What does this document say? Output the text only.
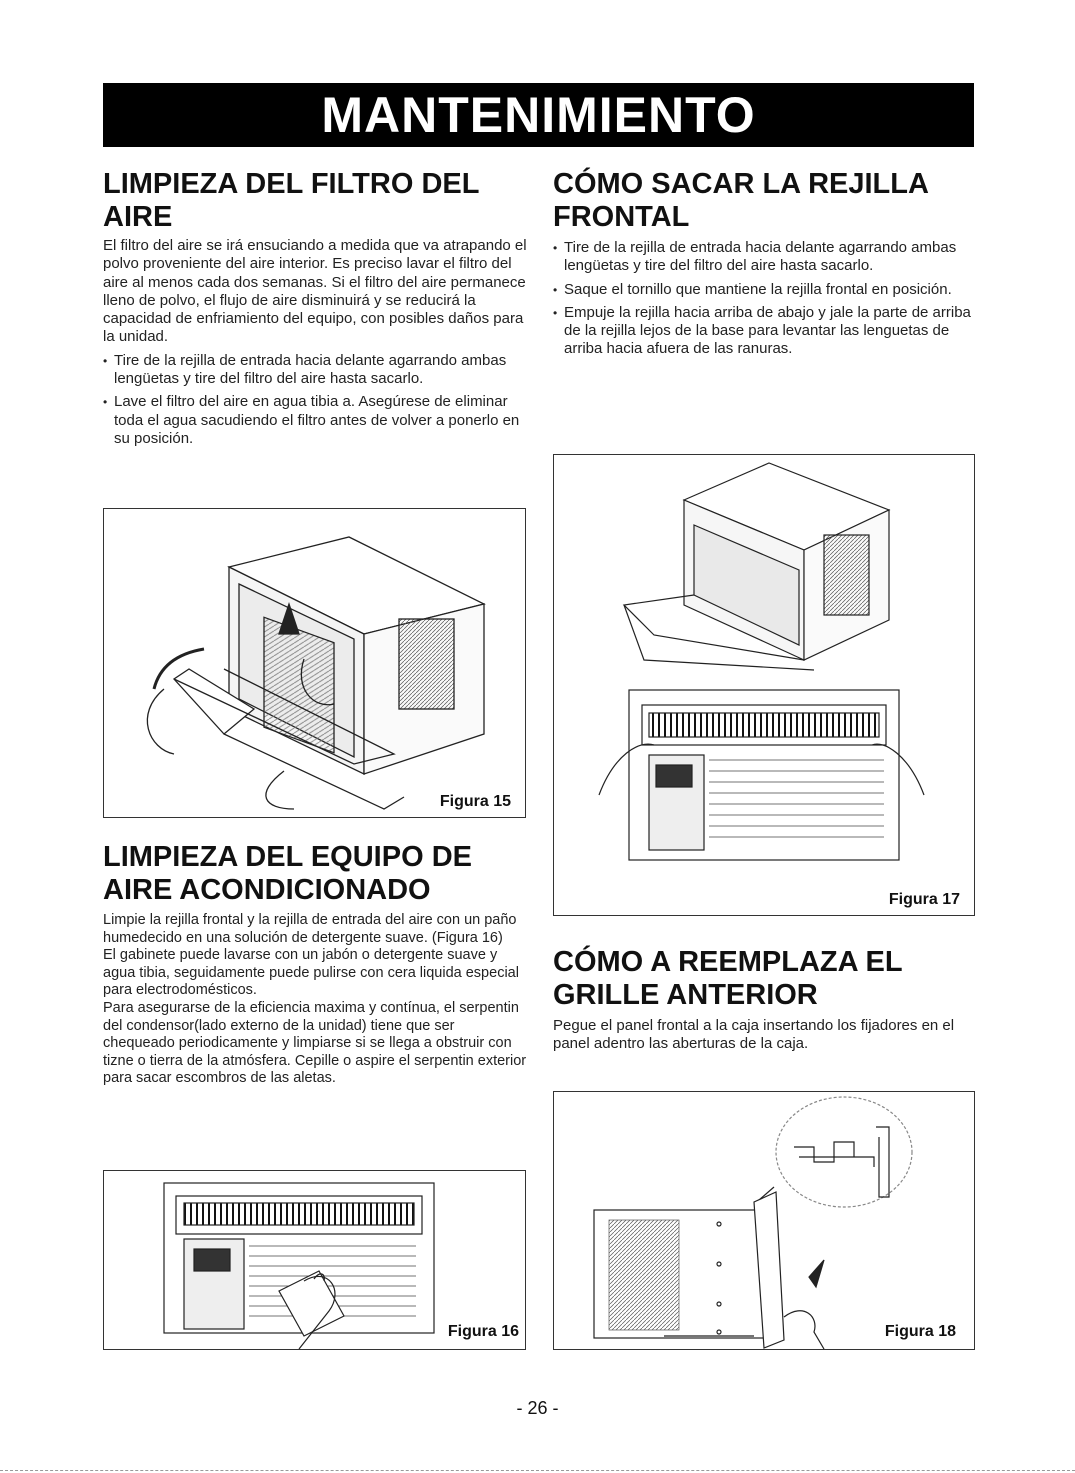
MANTENIMIENTO
LIMPIEZA DEL FILTRO DEL AIRE

El filtro del aire se irá ensuciando a medida que va atrapando el polvo proveniente del aire interior. Es preciso lavar el filtro del aire al menos cada dos semanas. Si el filtro del aire permanece lleno de polvo, el flujo de aire disminuirá y se reducirá la capacidad de enfriamiento del equipo, con posibles daños para la unidad.

• Tire de la rejilla de entrada hacia delante agarrando ambas lengüetas y tire del filtro del aire hasta sacarlo.
• Lave el filtro del aire en agua tibia a. Asegúrese de eliminar toda el agua sacudiendo el filtro antes de volver a ponerlo en su posición.
Figura 15
LIMPIEZA DEL EQUIPO DE AIRE ACONDICIONADO

Limpie la rejilla frontal y la rejilla de entrada del aire con un paño humedecido en una solución de detergente suave. (Figura 16)
El gabinete puede lavarse con un jabón o detergente suave y agua tibia, seguidamente puede pulirse con cera liquida especial para electrodomésticos.
Para asegurarse de la eficiencia maxima y contínua, el serpentin del condensor(lado externo de la unidad) tiene que ser chequeado periodicamente y limpiarse si se llega a obstruir con tizne o tierra de la atmósfera. Cepille o aspire el serpentin exterior para sacar escombros de las aletas.

Figura 16
CÓMO SACAR LA REJILLA FRONTAL
• Tire de la rejilla de entrada hacia delante agarrando ambas lengüetas y tire del filtro del aire hasta sacarlo.
• Saque el tornillo que mantiene la rejilla frontal en posición.
• Empuje la rejilla hacia arriba de abajo y jale la parte de arriba de la rejilla lejos de la base para levantar las lenguetas de arriba hacia afuera de las ranuras.
Figura 17
CÓMO A REEMPLAZA EL GRILLE ANTERIOR

Pegue el panel frontal a la caja insertando los fijadores en el panel adentro las aberturas de la caja.

Figura 18
- 26 -
